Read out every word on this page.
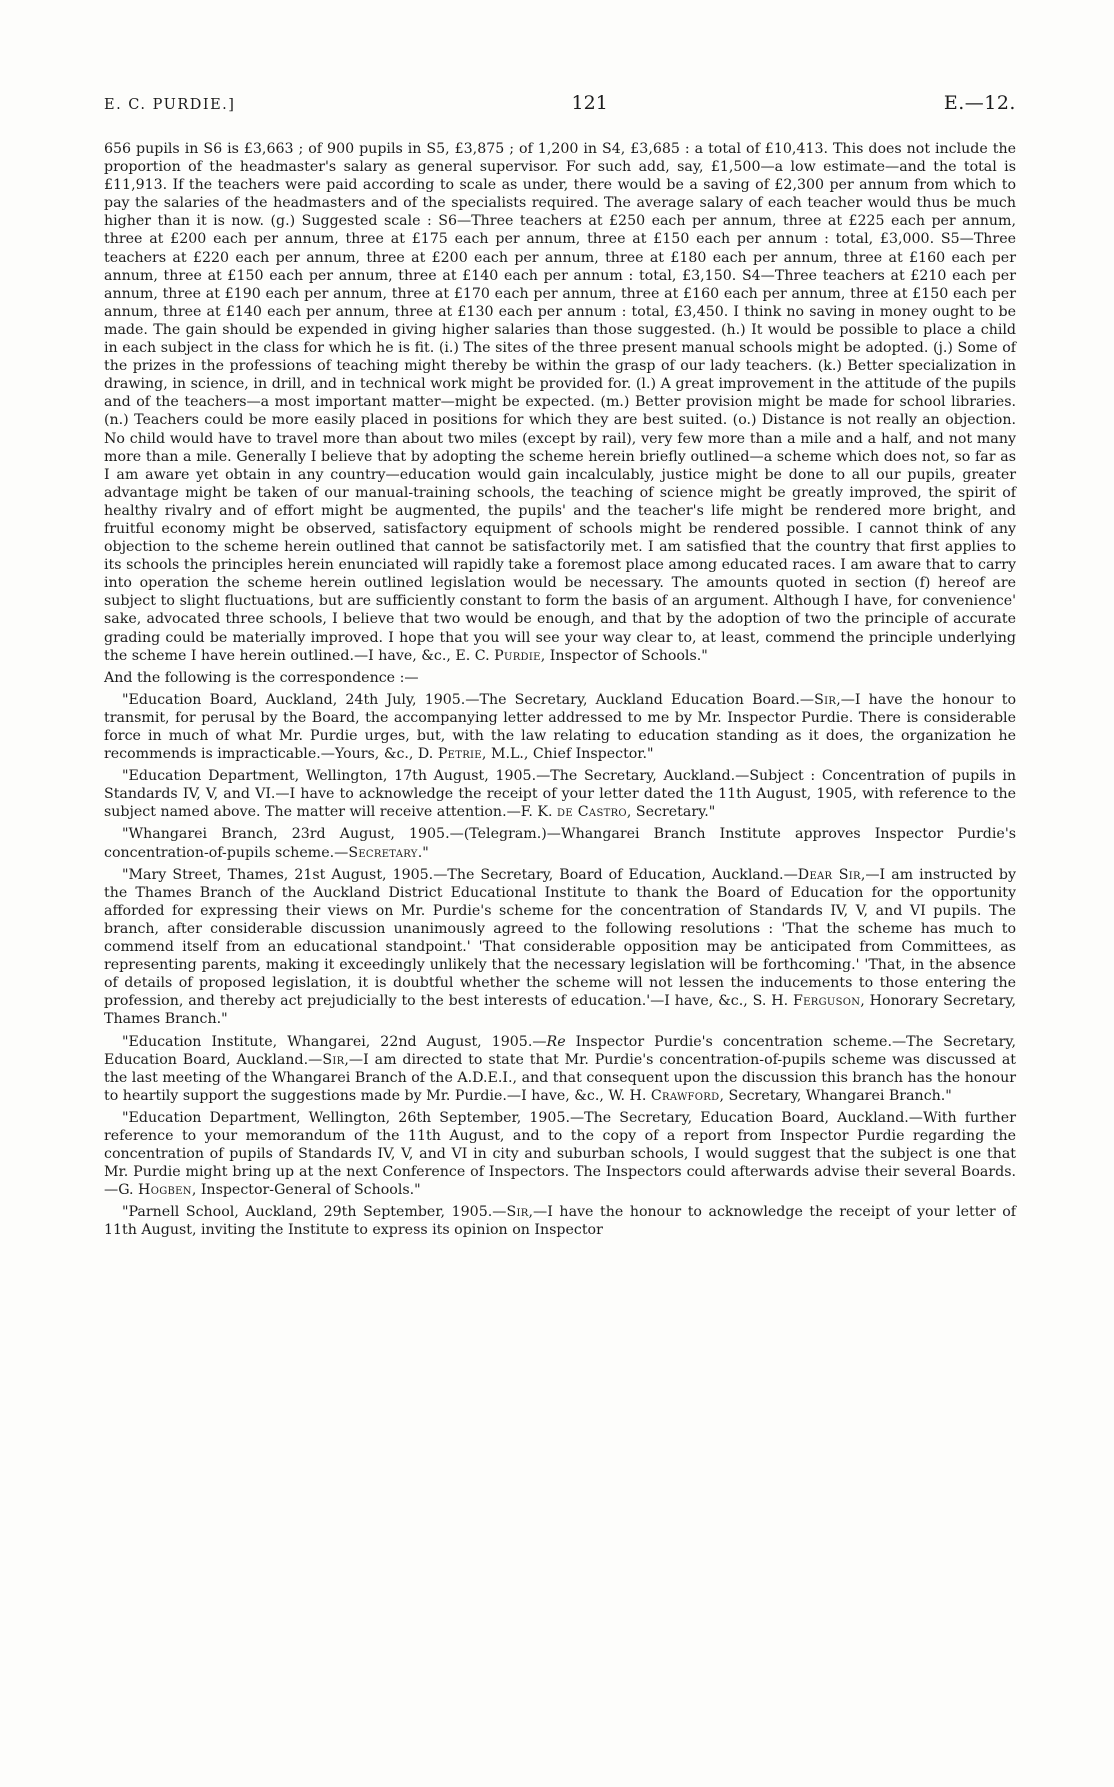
E. C. PURDIE.]	121	E.—12.

656 pupils in S6 is £3,663 ; of 900 pupils in S5, £3,875 ; of 1,200 in S4, £3,685 : a total of £10,413. This does not include the proportion of the headmaster's salary as general supervisor. For such add, say, £1,500—a low estimate—and the total is £11,913. If the teachers were paid according to scale as under, there would be a saving of £2,300 per annum from which to pay the salaries of the headmasters and of the specialists required. The average salary of each teacher would thus be much higher than it is now. (g.) Suggested scale : S6—Three teachers at £250 each per annum, three at £225 each per annum, three at £200 each per annum, three at £175 each per annum, three at £150 each per annum : total, £3,000. S5—Three teachers at £220 each per annum, three at £200 each per annum, three at £180 each per annum, three at £160 each per annum, three at £150 each per annum, three at £140 each per annum : total, £3,150. S4—Three teachers at £210 each per annum, three at £190 each per annum, three at £170 each per annum, three at £160 each per annum, three at £150 each per annum, three at £140 each per annum, three at £130 each per annum : total, £3,450. I think no saving in money ought to be made. The gain should be expended in giving higher salaries than those suggested. (h.) It would be possible to place a child in each subject in the class for which he is fit. (i.) The sites of the three present manual schools might be adopted. (j.) Some of the prizes in the professions of teaching might thereby be within the grasp of our lady teachers. (k.) Better specialization in drawing, in science, in drill, and in technical work might be provided for. (l.) A great improvement in the attitude of the pupils and of the teachers—a most important matter—might be expected. (m.) Better provision might be made for school libraries. (n.) Teachers could be more easily placed in positions for which they are best suited. (o.) Distance is not really an objection. No child would have to travel more than about two miles (except by rail), very few more than a mile and a half, and not many more than a mile. Generally I believe that by adopting the scheme herein briefly outlined—a scheme which does not, so far as I am aware yet obtain in any country—education would gain incalculably, justice might be done to all our pupils, greater advantage might be taken of our manual-training schools, the teaching of science might be greatly improved, the spirit of healthy rivalry and of effort might be augmented, the pupils' and the teacher's life might be rendered more bright, and fruitful economy might be observed, satisfactory equipment of schools might be rendered possible. I cannot think of any objection to the scheme herein outlined that cannot be satisfactorily met. I am satisfied that the country that first applies to its schools the principles herein enunciated will rapidly take a foremost place among educated races. I am aware that to carry into operation the scheme herein outlined legislation would be necessary. The amounts quoted in section (f) hereof are subject to slight fluctuations, but are sufficiently constant to form the basis of an argument. Although I have, for convenience' sake, advocated three schools, I believe that two would be enough, and that by the adoption of two the principle of accurate grading could be materially improved. I hope that you will see your way clear to, at least, commend the principle underlying the scheme I have herein outlined.—I have, &c., E. C. Purdie, Inspector of Schools."

And the following is the correspondence :—

"Education Board, Auckland, 24th July, 1905.—The Secretary, Auckland Education Board.—Sir,—I have the honour to transmit, for perusal by the Board, the accompanying letter addressed to me by Mr. Inspector Purdie. There is considerable force in much of what Mr. Purdie urges, but, with the law relating to education standing as it does, the organization he recommends is impracticable.—Yours, &c., D. Petrie, M.L., Chief Inspector."

"Education Department, Wellington, 17th August, 1905.—The Secretary, Auckland.—Subject : Concentration of pupils in Standards IV, V, and VI.—I have to acknowledge the receipt of your letter dated the 11th August, 1905, with reference to the subject named above. The matter will receive attention.—F. K. de Castro, Secretary."

"Whangarei Branch, 23rd August, 1905.—(Telegram.)—Whangarei Branch Institute approves Inspector Purdie's concentration-of-pupils scheme.—Secretary."

"Mary Street, Thames, 21st August, 1905.—The Secretary, Board of Education, Auckland.—Dear Sir,—I am instructed by the Thames Branch of the Auckland District Educational Institute to thank the Board of Education for the opportunity afforded for expressing their views on Mr. Purdie's scheme for the concentration of Standards IV, V, and VI pupils. The branch, after considerable discussion unanimously agreed to the following resolutions : 'That the scheme has much to commend itself from an educational standpoint.' 'That considerable opposition may be anticipated from Committees, as representing parents, making it exceedingly unlikely that the necessary legislation will be forthcoming.' 'That, in the absence of details of proposed legislation, it is doubtful whether the scheme will not lessen the inducements to those entering the profession, and thereby act prejudicially to the best interests of education.'—I have, &c., S. H. Ferguson, Honorary Secretary, Thames Branch."

"Education Institute, Whangarei, 22nd August, 1905.—Re Inspector Purdie's concentration scheme.—The Secretary, Education Board, Auckland.—Sir,—I am directed to state that Mr. Purdie's concentration-of-pupils scheme was discussed at the last meeting of the Whangarei Branch of the A.D.E.I., and that consequent upon the discussion this branch has the honour to heartily support the suggestions made by Mr. Purdie.—I have, &c., W. H. Crawford, Secretary, Whangarei Branch."

"Education Department, Wellington, 26th September, 1905.—The Secretary, Education Board, Auckland.—With further reference to your memorandum of the 11th August, and to the copy of a report from Inspector Purdie regarding the concentration of pupils of Standards IV, V, and VI in city and suburban schools, I would suggest that the subject is one that Mr. Purdie might bring up at the next Conference of Inspectors. The Inspectors could afterwards advise their several Boards.—G. Hogben, Inspector-General of Schools."

"Parnell School, Auckland, 29th September, 1905.—Sir,—I have the honour to acknowledge the receipt of your letter of 11th August, inviting the Institute to express its opinion on Inspector
